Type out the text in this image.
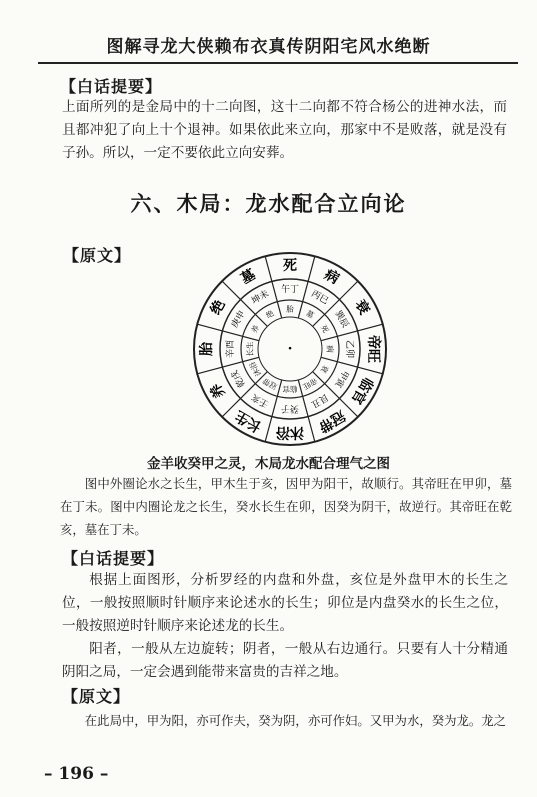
图解寻龙大侠赖布衣真传阴阳宅风水绝断
【白话提要】
上面所列的是金局中的十二向图，这十二向都不符合杨公的进神水法，而且都冲犯了向上十个退神。如果依此来立向，那家中不是败落，就是没有子孙。所以，一定不要依此立向安葬。
六、木局：龙水配合立向论
【原文】
死
病
衰
帝旺
临官
冠带
沐浴
长生
养
胎
绝
墓
午丁 丙巳
巽辰
乙卯
甲寅
艮丑
癸子
壬亥
乾戌
辛酉
庚申
坤未
胎 墓
死
病
衰
帝旺
临官
冠带
沐浴
长生
养
绝
·
金羊收癸甲之灵，木局龙水配合理气之图
图中外圈论水之长生，甲木生于亥，因甲为阳干，故顺行。其帝旺在甲卯，墓在丁未。图中内圈论龙之长生，癸水长生在卯，因癸为阴干，故逆行。其帝旺在乾亥，墓在丁未。
【白话提要】
根据上面图形，分析罗经的内盘和外盘，亥位是外盘甲木的长生之位，一般按照顺时针顺序来论述水的长生；卯位是内盘癸水的长生之位，一般按照逆时针顺序来论述龙的长生。
阳者，一般从左边旋转；阴者，一般从右边通行。只要有人十分精通阴阳之局，一定会遇到能带来富贵的吉祥之地。
【原文】
在此局中，甲为阳，亦可作夫，癸为阴，亦可作妇。又甲为水，癸为龙。龙之
– 196 –
